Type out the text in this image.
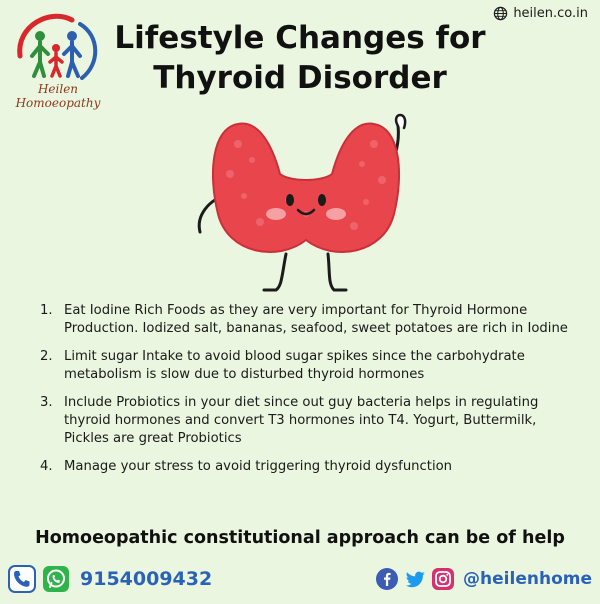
Heilen
Homoeopathy
heilen.co.in
Lifestyle Changes for
Thyroid Disorder
1. Eat Iodine Rich Foods as they are very important for Thyroid Hormone Production. Iodized salt, bananas, seafood, sweet potatoes are rich in Iodine
2. Limit sugar Intake to avoid blood sugar spikes since the carbohydrate metabolism is slow due to disturbed thyroid hormones
3. Include Probiotics in your diet since out guy bacteria helps in regulating thyroid hormones and convert T3 hormones into T4. Yogurt, Buttermilk, Pickles are great Probiotics
4. Manage your stress to avoid triggering thyroid dysfunction
Homoeopathic constitutional approach can be of help
9154009432	@heilenhome
